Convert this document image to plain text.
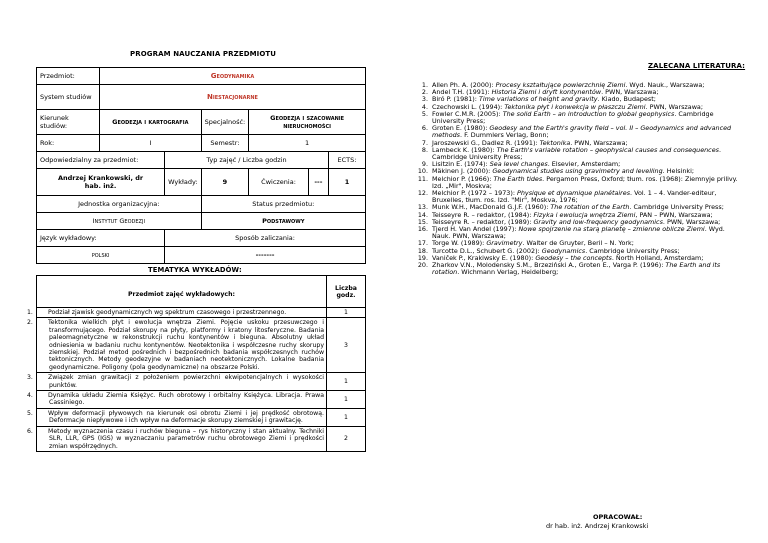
PROGRAM NAUCZANIA PRZEDMIOTU
Przedmiot:	Geodynamika					
System studiów	Niestacjonarne					
Kierunek studiów:	Geodezja i kartografia		Specjalność:	Geodezja i szacowanie nieruchomości		
Rok:	I		Semestr:	1		
Odpowiedzialny za przedmiot:		Typ zajęć / Liczba godzin				ECTS:
Andrzej Krankowski, dr hab. inż.		Wykłady:	9	Ćwiczenia:	---	1
Jednostka organizacyjna:			Status przedmiotu:			
Instytut Geodezji			Podstawowy			
Język wykładowy:		Sposób zaliczania:				
polski		-------				
TEMATYKA WYKŁADÓW:
Przedmiot zajęć wykładowych:	Liczba godz.
1. Podział zjawisk geodynamicznych wg spektrum czasowego i przestrzennego.	1
2. Tektonika wielkich płyt i ewolucja wnętrza Ziemi. Pojęcie uskoku przesuwczego i transformującego. Podział skorupy na płyty, platformy i kratony litosferyczne. Badania paleomagnetyczne w rekonstrukcji ruchu kontynentów i bieguna. Absolutny układ odniesienia w badaniu ruchu kontynentów. Neotektonika i współczesne ruchy skorupy ziemskiej. Podział metod pośrednich i bezpośrednich badania współczesnych ruchów tektonicznych. Metody geodezyjne w badaniach neotektonicznych. Lokalne badania geodynamiczne. Poligony (pola geodynamiczne) na obszarze Polski.	3
3. Związek zmian grawitacji z położeniem powierzchni ekwipotencjalnych i wysokości punktów.	1
4. Dynamika układu Ziemia Księżyc. Ruch obrotowy i orbitalny Księżyca. Libracja. Prawa Cassiniego.	1
5. Wpływ deformacji pływowych na kierunek osi obrotu Ziemi i jej prędkość obrotową. Deformacje niepływowe i ich wpływ na deformacje skorupy ziemskiej i grawitację.	1
6. Metody wyznaczenia czasu i ruchów bieguna – rys historyczny i stan aktualny. Techniki SLR, LLR, GPS (IGS) w wyznaczaniu parametrów ruchu obrotowego Ziemi i prędkości zmian współrzędnych.	2
ZALECANA LITERATURA:
1. Allen Ph. A. (2000): Procesy kształtujące powierzchnię Ziemi. Wyd. Nauk., Warszawa;
2. Andel T.H. (1991): Historia Ziemi i dryft kontynentów. PWN, Warszawa;
3. Biró P. (1981): Time variations of height and gravity. Kiado, Budapest;
4. Czechowski L. (1994): Tektonika płyt i konwekcja w płaszczu Ziemi. PWN, Warszawa;
5. Fowler C.M.R. (2005): The solid Earth – an introduction to global geophysics. Cambridge University Press;
6. Groten E. (1980): Geodesy and the Earth's gravity field – vol. II – Geodynamics and advanced methods. F. Dummlers Verlag, Bonn;
7. Jaroszewski G., Dadlez R. (1991): Tektonika. PWN, Warszawa;
8. Lambeck K. (1980): The Earth's variable rotation – geophysical causes and consequences. Cambridge University Press;
9. Lisitzin E. (1974): Sea level changes. Elsevier, Amsterdam;
10. Mäkinen J. (2000): Geodynamical studies using gravimetry and levelling. Helsinki;
11. Melchior P. (1966): The Earth tides. Pergamon Press, Oxford; tłum. ros. (1968): Ziemnyje prilivy. Izd. „Mir", Moskva;
12. Melchior P. (1972 – 1973): Physique et dynamique planétaires. Vol. 1 – 4. Vander-editeur, Bruxelles, tłum. ros. Izd. "Mir", Moskva, 1976;
13. Munk W.H., MacDonald G.J.F. (1960): The rotation of the Earth. Cambridge University Press;
14. Teisseyre R. – redaktor, (1984): Fizyka i ewolucja wnętrza Ziemi, PAN – PWN, Warszawa;
15. Teisseyre R. – redaktor, (1989): Gravity and low-frequency geodynamics. PWN, Warszawa;
16. Tjerd H. Van Andel (1997): Nowe spojrzenie na starą planetę – zmienne oblicze Ziemi. Wyd. Nauk. PWN, Warszawa;
17. Torge W. (1989): Gravimetry. Walter de Gruyter, Beril – N. York;
18. Turcotte D.L., Schubert G. (2002): Geodynamics. Cambridge University Press;
19. Vaniček P., Krakiwsky E. (1980): Geodesy – the concepts. North Holland, Amsterdam;
20. Zharkov V.N., Molodensky S.M., Brzeziński A., Groten E., Varga P. (1996): The Earth and its rotation. Wichmann Verlag, Heidelberg;
OPRACOWAŁ:
dr hab. inż. Andrzej Krankowski
